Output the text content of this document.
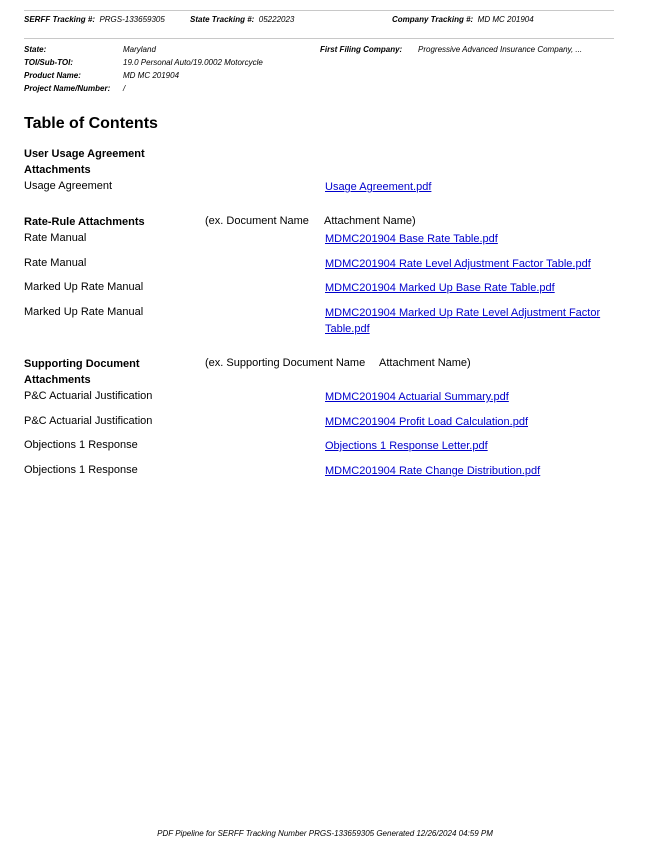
SERFF Tracking #: PRGS-133659305	State Tracking #: 05222023	Company Tracking #: MD MC 201904
State:	Maryland
TOI/Sub-TOI:	19.0 Personal Auto/19.0002 Motorcycle
Product Name:	MD MC 201904
Project Name/Number: /
First Filing Company: Progressive Advanced Insurance Company, ...
Table of Contents
User Usage Agreement Attachments
Usage Agreement	Usage Agreement.pdf
Rate-Rule Attachments	(ex. Document Name Attachment Name)
Rate Manual	MDMC201904 Base Rate Table.pdf
Rate Manual	MDMC201904 Rate Level Adjustment Factor Table.pdf
Marked Up Rate Manual	MDMC201904 Marked Up Base Rate Table.pdf
Marked Up Rate Manual	MDMC201904 Marked Up Rate Level Adjustment Factor Table.pdf
Supporting Document Attachments
(ex. Supporting Document Name Attachment Name)
P&C Actuarial Justification	MDMC201904 Actuarial Summary.pdf
P&C Actuarial Justification	MDMC201904 Profit Load Calculation.pdf
Objections 1 Response	Objections 1 Response Letter.pdf
Objections 1 Response	MDMC201904 Rate Change Distribution.pdf
PDF Pipeline for SERFF Tracking Number PRGS-133659305 Generated 12/26/2024 04:59 PM
